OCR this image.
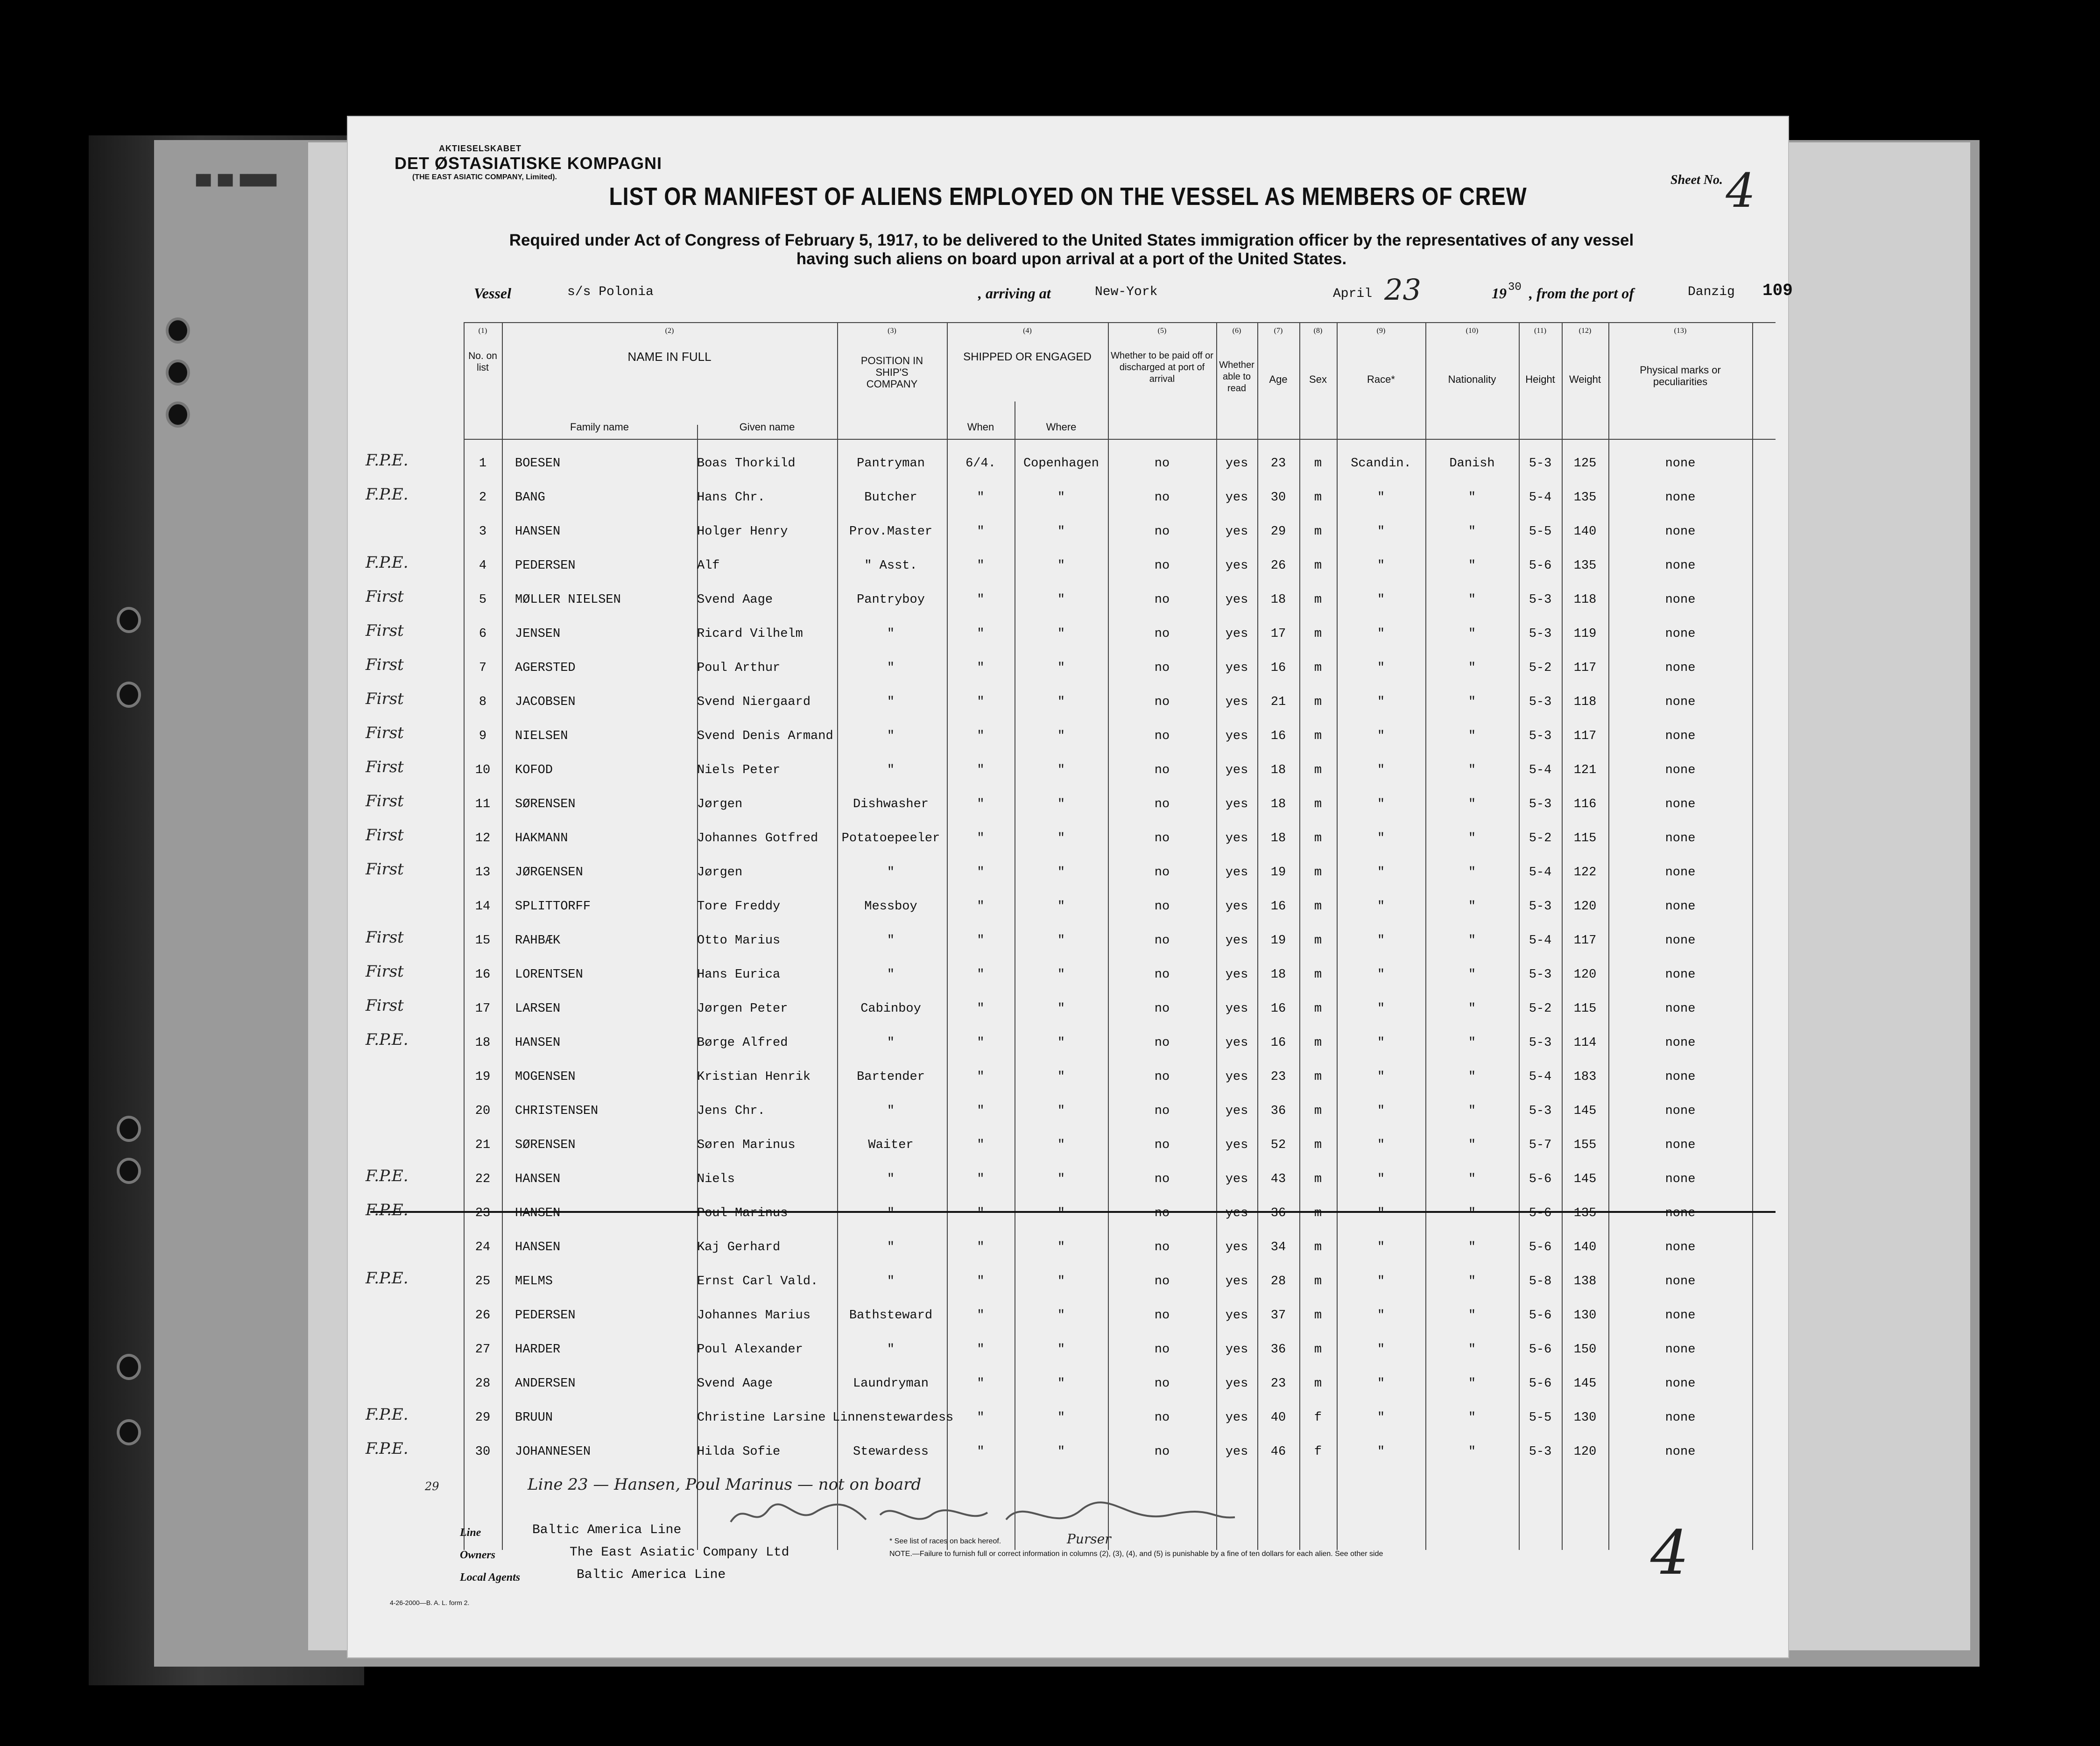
▇▇ ▇▇ ▇▇▇▇▇
AKTIESELSKABET
DET ØSTASIATISKE KOMPAGNI
(THE EAST ASIATIC COMPANY, Limited).
LIST OR MANIFEST OF ALIENS EMPLOYED ON THE VESSEL AS MEMBERS OF CREW
Sheet No. 4
Required under Act of Congress of February 5, 1917, to be delivered to the United States immigration officer by the representatives of any vessel having such aliens on board upon arrival at a port of the United States.
Vessel	s/s Polonia	, arriving at	New-York	April 23	19 30 , from the port of	Danzig 109
(1)	(2)	(3)	(4)	(5)	(6)	(7)	(8)	(9)	(10)	(11)	(12)	(13)
No. on list
NAME IN FULL
Family name	Given name
POSITION IN SHIP'S COMPANY
SHIPPED OR ENGAGED
When	Where
Whether to be paid off or discharged at port of arrival
Whether able to read
Age	Sex	Race*	Nationality	Height	Weight
Physical marks or peculiarities
F.P.E.	1	BOESEN	Boas Thorkild	Pantryman	6/4.	Copenhagen	no	yes	23	m	Scandin.	Danish	5-3	125	none
F.P.E.	2	BANG	Hans Chr.	Butcher	"	"	no	yes	30	m	"	"	5-4	135	none
3	HANSEN	Holger Henry	Prov.Master	"	"	no	yes	29	m	"	"	5-5	140	none
F.P.E.	4	PEDERSEN	Alf	" Asst.	"	"	no	yes	26	m	"	"	5-6	135	none
First	5	MØLLER NIELSEN	Svend Aage	Pantryboy	"	"	no	yes	18	m	"	"	5-3	118	none
First	6	JENSEN	Ricard Vilhelm	"	"	"	no	yes	17	m	"	"	5-3	119	none
First	7	AGERSTED	Poul Arthur	"	"	"	no	yes	16	m	"	"	5-2	117	none
First	8	JACOBSEN	Svend Niergaard	"	"	"	no	yes	21	m	"	"	5-3	118	none
First	9	NIELSEN	Svend Denis Armand	"	"	"	no	yes	16	m	"	"	5-3	117	none
First	10	KOFOD	Niels Peter	"	"	"	no	yes	18	m	"	"	5-4	121	none
First	11	SØRENSEN	Jørgen	Dishwasher	"	"	no	yes	18	m	"	"	5-3	116	none
First	12	HAKMANN	Johannes Gotfred	Potatoepeeler	"	"	no	yes	18	m	"	"	5-2	115	none
First	13	JØRGENSEN	Jørgen	"	"	"	no	yes	19	m	"	"	5-4	122	none
14	SPLITTORFF	Tore Freddy	Messboy	"	"	no	yes	16	m	"	"	5-3	120	none
First	15	RAHBÆK	Otto Marius	"	"	"	no	yes	19	m	"	"	5-4	117	none
First	16	LORENTSEN	Hans Eurica	"	"	"	no	yes	18	m	"	"	5-3	120	none
First	17	LARSEN	Jørgen Peter	Cabinboy	"	"	no	yes	16	m	"	"	5-2	115	none
F.P.E.	18	HANSEN	Børge Alfred	"	"	"	no	yes	16	m	"	"	5-3	114	none
19	MOGENSEN	Kristian Henrik	Bartender	"	"	no	yes	23	m	"	"	5-4	183	none
20	CHRISTENSEN	Jens Chr.	"	"	"	no	yes	36	m	"	"	5-3	145	none
21	SØRENSEN	Søren Marinus	Waiter	"	"	no	yes	52	m	"	"	5-7	155	none
F.P.E.	22	HANSEN	Niels	"	"	"	no	yes	43	m	"	"	5-6	145	none
F.P.E.	23	HANSEN	Poul Marinus	"	"	"	no	yes	36	m	"	"	5-6	135	none
24	HANSEN	Kaj Gerhard	"	"	"	no	yes	34	m	"	"	5-6	140	none
F.P.E.	25	MELMS	Ernst Carl Vald.	"	"	"	no	yes	28	m	"	"	5-8	138	none
26	PEDERSEN	Johannes Marius	Bathsteward	"	"	no	yes	37	m	"	"	5-6	130	none
27	HARDER	Poul Alexander	"	"	"	no	yes	36	m	"	"	5-6	150	none
28	ANDERSEN	Svend Aage	Laundryman	"	"	no	yes	23	m	"	"	5-6	145	none
F.P.E.	29	BRUUN	Christine Larsine Linnenstewardess	"	"	no	yes	40	f	"	"	5-5	130	none
F.P.E.	30	JOHANNESEN	Hilda Sofie	Stewardess	"	"	no	yes	46	f	"	"	5-3	120	none
29	Line 23 — Hansen, Poul Marinus — not on board
Purser
Line	Baltic America Line
Owners	The East Asiatic Company Ltd
Local Agents	Baltic America Line
* See list of races on back hereof.
NOTE.—Failure to furnish full or correct information in columns (2), (3), (4), and (5) is punishable by a fine of ten dollars for each alien. See other side
4-26-2000—B. A. L. form 2.
4
